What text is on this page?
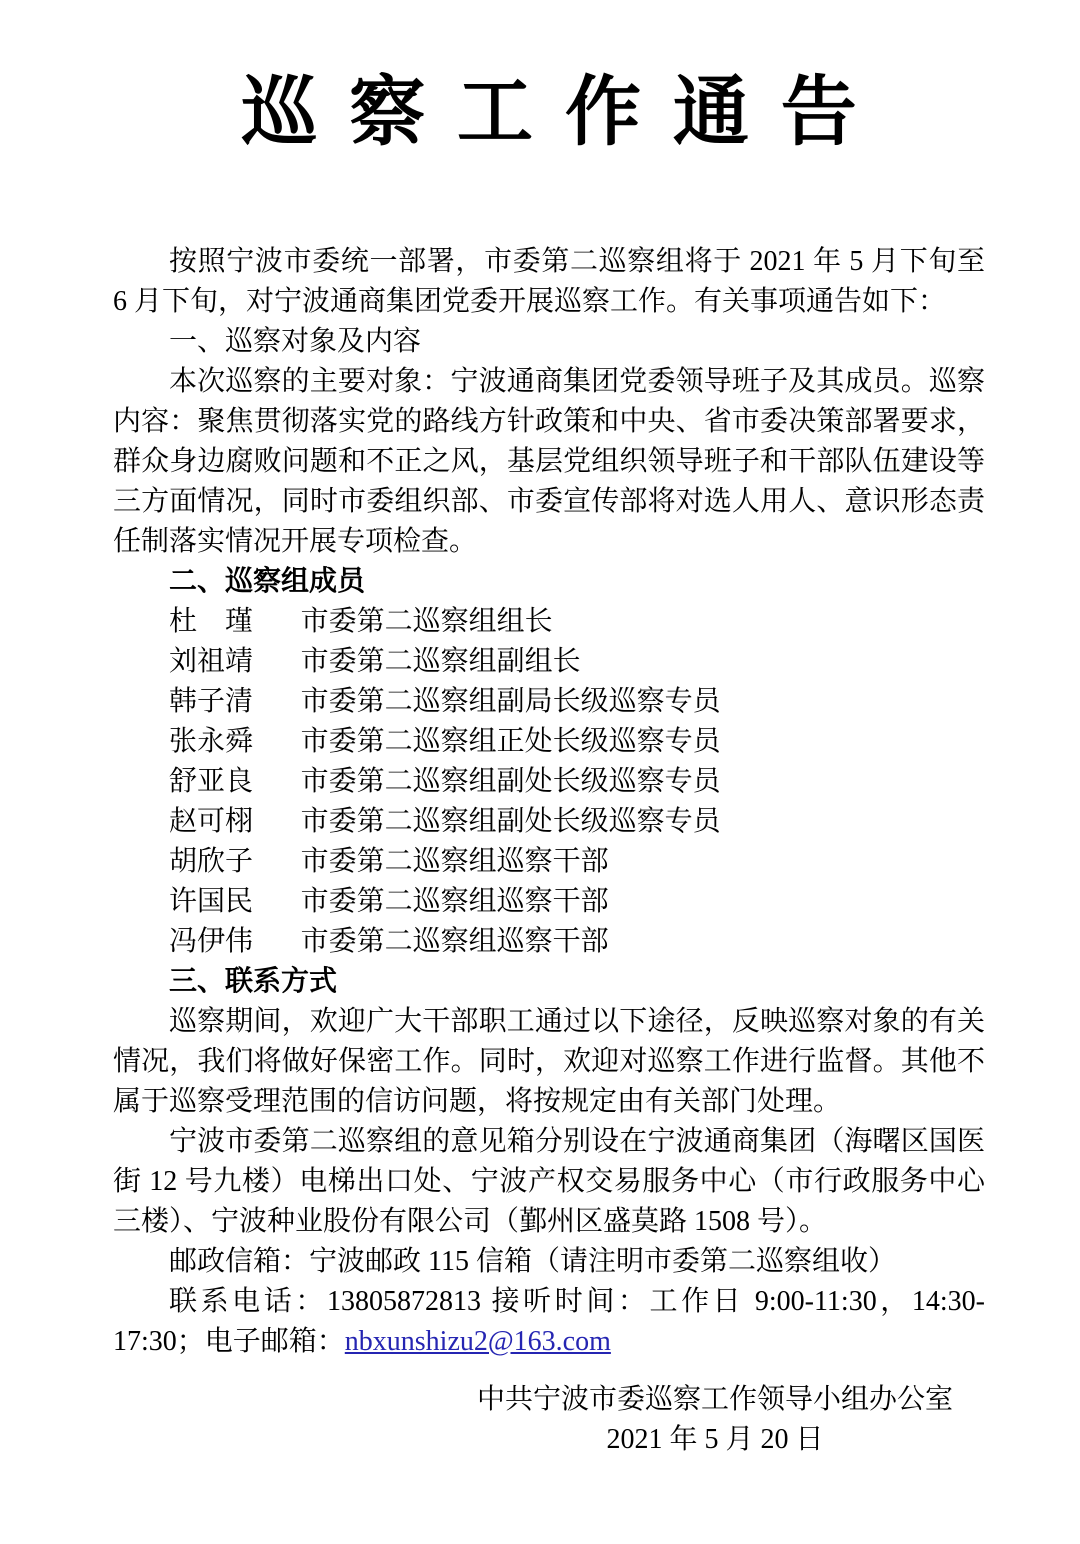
巡察工作通告

按照宁波市委统一部署，市委第二巡察组将于 2021 年 5 月下旬至 6 月下旬，对宁波通商集团党委开展巡察工作。有关事项通告如下：

一、巡察对象及内容

本次巡察的主要对象：宁波通商集团党委领导班子及其成员。巡察内容：聚焦贯彻落实党的路线方针政策和中央、省市委决策部署要求，群众身边腐败问题和不正之风，基层党组织领导班子和干部队伍建设等三方面情况，同时市委组织部、市委宣传部将对选人用人、意识形态责任制落实情况开展专项检查。

二、巡察组成员

杜　瑾 市委第二巡察组组长
刘祖靖 市委第二巡察组副组长
韩子清 市委第二巡察组副局长级巡察专员
张永舜 市委第二巡察组正处长级巡察专员
舒亚良 市委第二巡察组副处长级巡察专员
赵可栩 市委第二巡察组副处长级巡察专员
胡欣子 市委第二巡察组巡察干部
许国民 市委第二巡察组巡察干部
冯伊伟 市委第二巡察组巡察干部

三、联系方式

巡察期间，欢迎广大干部职工通过以下途径，反映巡察对象的有关情况，我们将做好保密工作。同时，欢迎对巡察工作进行监督。其他不属于巡察受理范围的信访问题，将按规定由有关部门处理。

宁波市委第二巡察组的意见箱分别设在宁波通商集团（海曙区国医街 12 号九楼）电梯出口处、宁波产权交易服务中心（市行政服务中心三楼）、宁波种业股份有限公司（鄞州区盛莫路 1508 号）。

邮政信箱：宁波邮政 115 信箱（请注明市委第二巡察组收）

联系电话：13805872813 接听时间：工作日 9:00-11:30，14:30-17:30；电子邮箱：nbxunshizu2@163.com

中共宁波市委巡察工作领导小组办公室

2021 年 5 月 20 日
